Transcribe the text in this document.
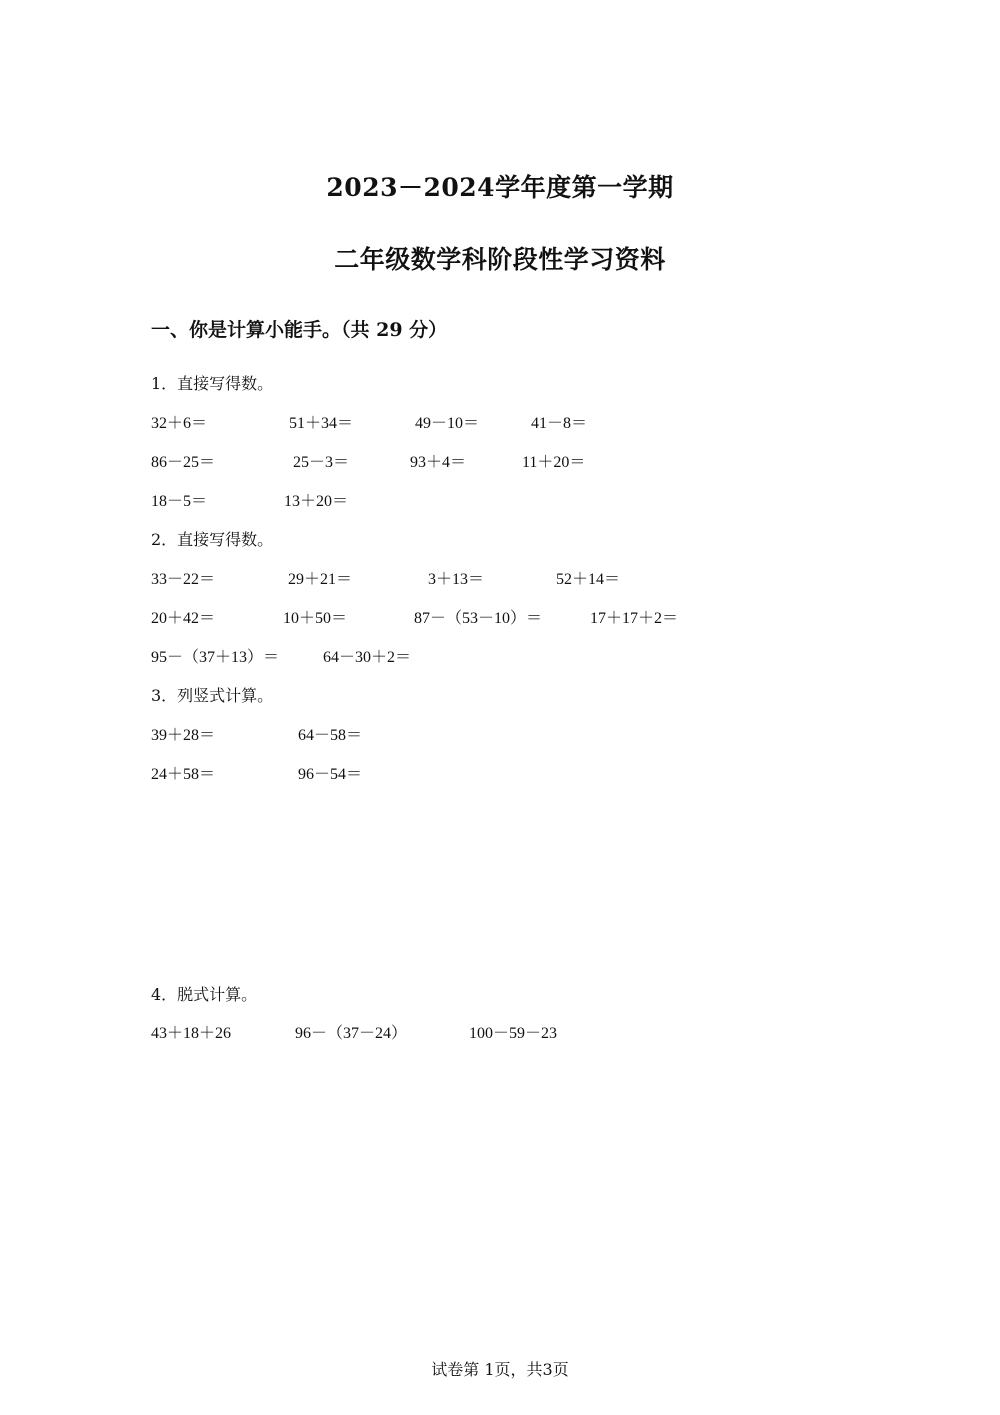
2023－2024学年度第一学期
二年级数学科阶段性学习资料
一、你是计算小能手。（共 29 分）
1．直接写得数。
32＋6＝	51＋34＝	49－10＝	41－8＝
86－25＝	25－3＝	93＋4＝	11＋20＝
18－5＝	13＋20＝
2．直接写得数。
33－22＝	29＋21＝	3＋13＝	52＋14＝
20＋42＝	10＋50＝	87－（53－10）＝	17＋17＋2＝
95－（37＋13）＝	64－30＋2＝
3．列竖式计算。
39＋28＝	64－58＝
24＋58＝	96－54＝
4．脱式计算。
43＋18＋26	96－（37－24）	100－59－23
试卷第 1页，共3页
